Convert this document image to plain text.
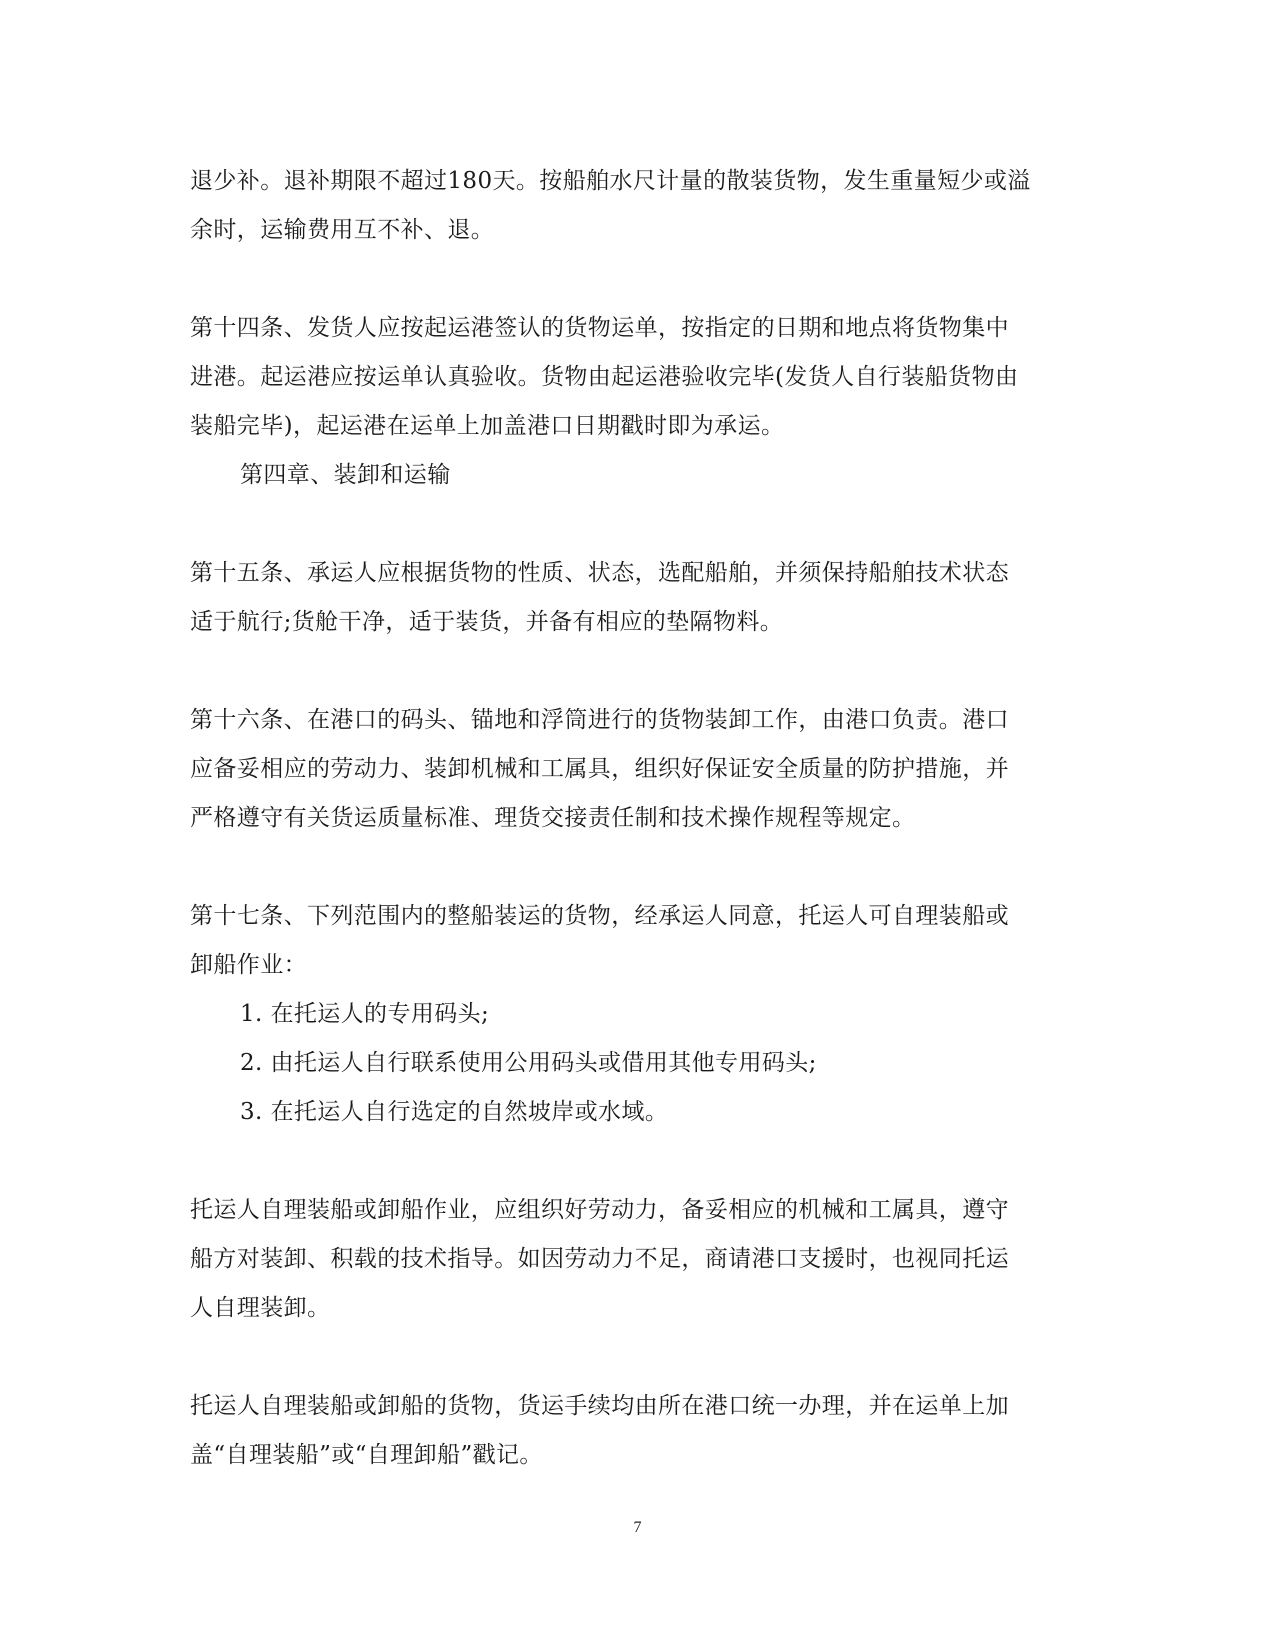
退少补。退补期限不超过180天。按船舶水尺计量的散装货物，发生重量短少或溢
余时，运输费用互不补、退。

第十四条、发货人应按起运港签认的货物运单，按指定的日期和地点将货物集中
进港。起运港应按运单认真验收。货物由起运港验收完毕(发货人自行装船货物由
装船完毕)，起运港在运单上加盖港口日期戳时即为承运。

第四章、装卸和运输

第十五条、承运人应根据货物的性质、状态，选配船舶，并须保持船舶技术状态
适于航行;货舱干净，适于装货，并备有相应的垫隔物料。

第十六条、在港口的码头、锚地和浮筒进行的货物装卸工作，由港口负责。港口
应备妥相应的劳动力、装卸机械和工属具，组织好保证安全质量的防护措施，并
严格遵守有关货运质量标准、理货交接责任制和技术操作规程等规定。

第十七条、下列范围内的整船装运的货物，经承运人同意，托运人可自理装船或
卸船作业：

1. 在托运人的专用码头;

2. 由托运人自行联系使用公用码头或借用其他专用码头;

3. 在托运人自行选定的自然坡岸或水域。

托运人自理装船或卸船作业，应组织好劳动力，备妥相应的机械和工属具，遵守
船方对装卸、积载的技术指导。如因劳动力不足，商请港口支援时，也视同托运
人自理装卸。

托运人自理装船或卸船的货物，货运手续均由所在港口统一办理，并在运单上加
盖“自理装船”或“自理卸船”戳记。

7
